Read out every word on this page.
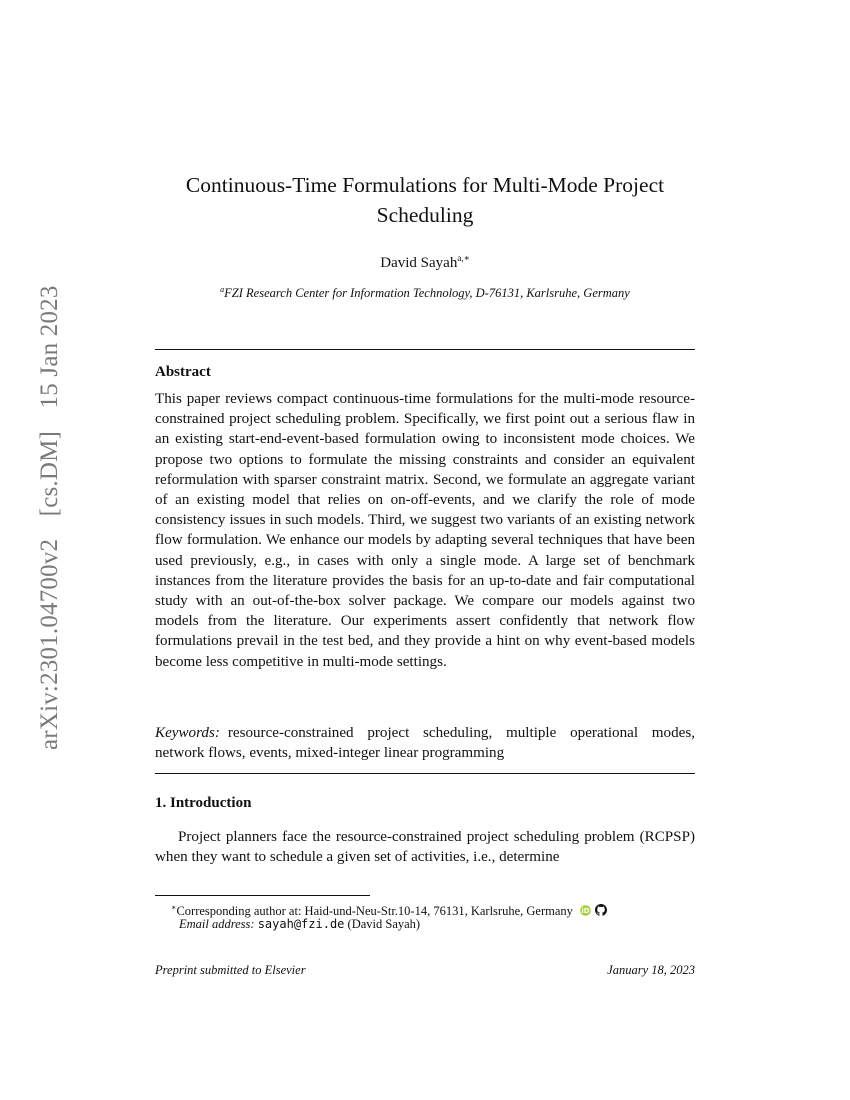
arXiv:2301.04700v2 [cs.DM] 15 Jan 2023
Continuous-Time Formulations for Multi-Mode Project Scheduling
David Sayah$^{a,∗}$
$^a$FZI Research Center for Information Technology, D-76131, Karlsruhe, Germany
Abstract
This paper reviews compact continuous-time formulations for the multi-mode resource-constrained project scheduling problem. Specifically, we first point out a serious flaw in an existing start-end-event-based formulation owing to inconsistent mode choices. We propose two options to formulate the missing constraints and consider an equivalent reformulation with sparser constraint matrix. Second, we formulate an aggregate variant of an existing model that relies on on-off-events, and we clarify the role of mode consistency issues in such models. Third, we suggest two variants of an existing network flow formulation. We enhance our models by adapting several techniques that have been used previously, e.g., in cases with only a single mode. A large set of benchmark instances from the literature provides the basis for an up-to-date and fair computational study with an out-of-the-box solver package. We compare our models against two models from the literature. Our experiments assert confidently that network flow formulations prevail in the test bed, and they provide a hint on why event-based models become less competitive in multi-mode settings.
Keywords: resource-constrained project scheduling, multiple operational modes, network flows, events, mixed-integer linear programming
1. Introduction
Project planners face the resource-constrained project scheduling problem (RCPSP) when they want to schedule a given set of activities, i.e., determine
∗Corresponding author at: Haid-und-Neu-Str.10-14, 76131, Karlsruhe, Germany iD
Email address: sayah@fzi.de (David Sayah)
Preprint submitted to Elsevier	January 18, 2023
